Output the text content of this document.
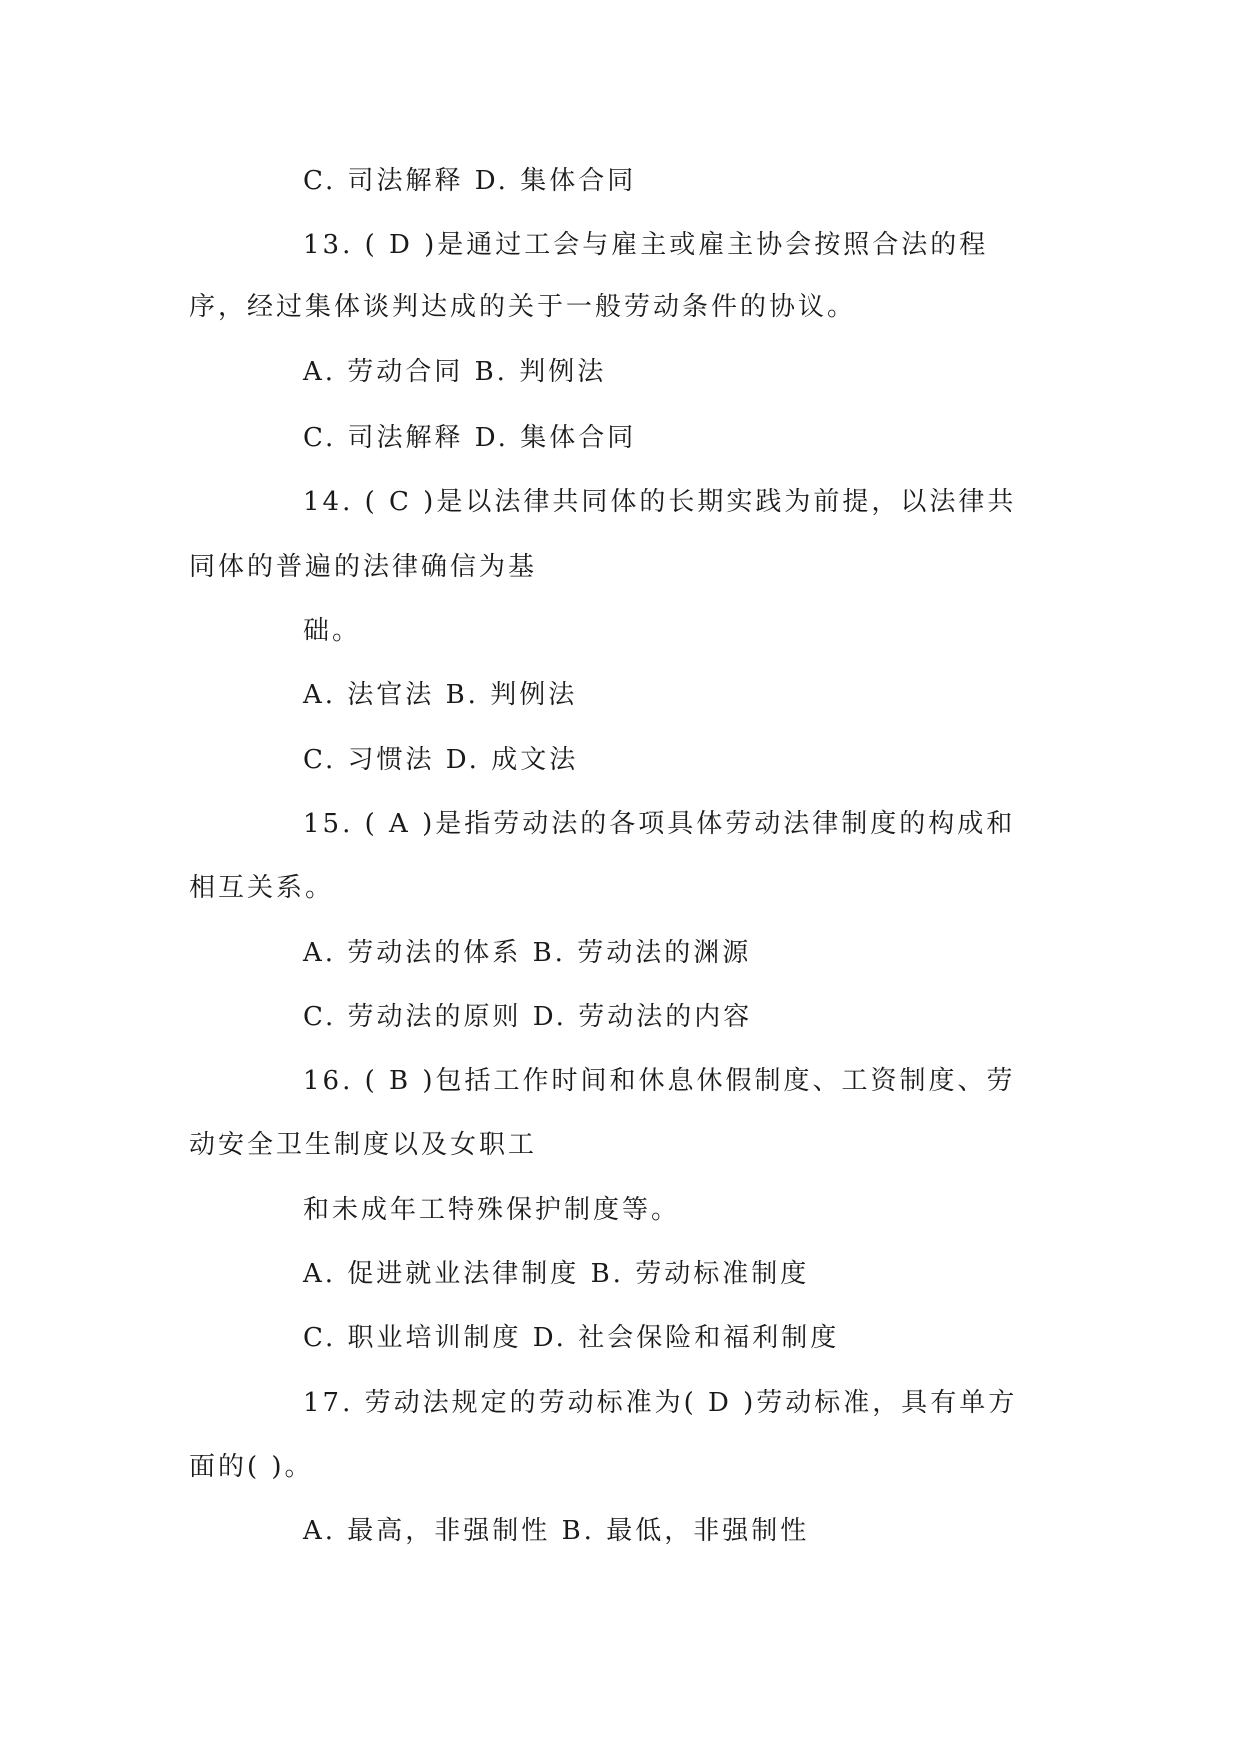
C. 司法解释 D. 集体合同
13. ( D )是通过工会与雇主或雇主协会按照合法的程
序，经过集体谈判达成的关于一般劳动条件的协议。
A. 劳动合同 B. 判例法
C. 司法解释 D. 集体合同
14. ( C )是以法律共同体的长期实践为前提，以法律共
同体的普遍的法律确信为基
础。
A. 法官法 B. 判例法
C. 习惯法 D. 成文法
15. ( A )是指劳动法的各项具体劳动法律制度的构成和
相互关系。
A. 劳动法的体系 B. 劳动法的渊源
C. 劳动法的原则 D. 劳动法的内容
16. ( B )包括工作时间和休息休假制度、工资制度、劳
动安全卫生制度以及女职工
和未成年工特殊保护制度等。
A. 促进就业法律制度 B. 劳动标准制度
C. 职业培训制度 D. 社会保险和福利制度
17. 劳动法规定的劳动标准为( D )劳动标准，具有单方
面的( )。
A. 最高，非强制性 B. 最低，非强制性
